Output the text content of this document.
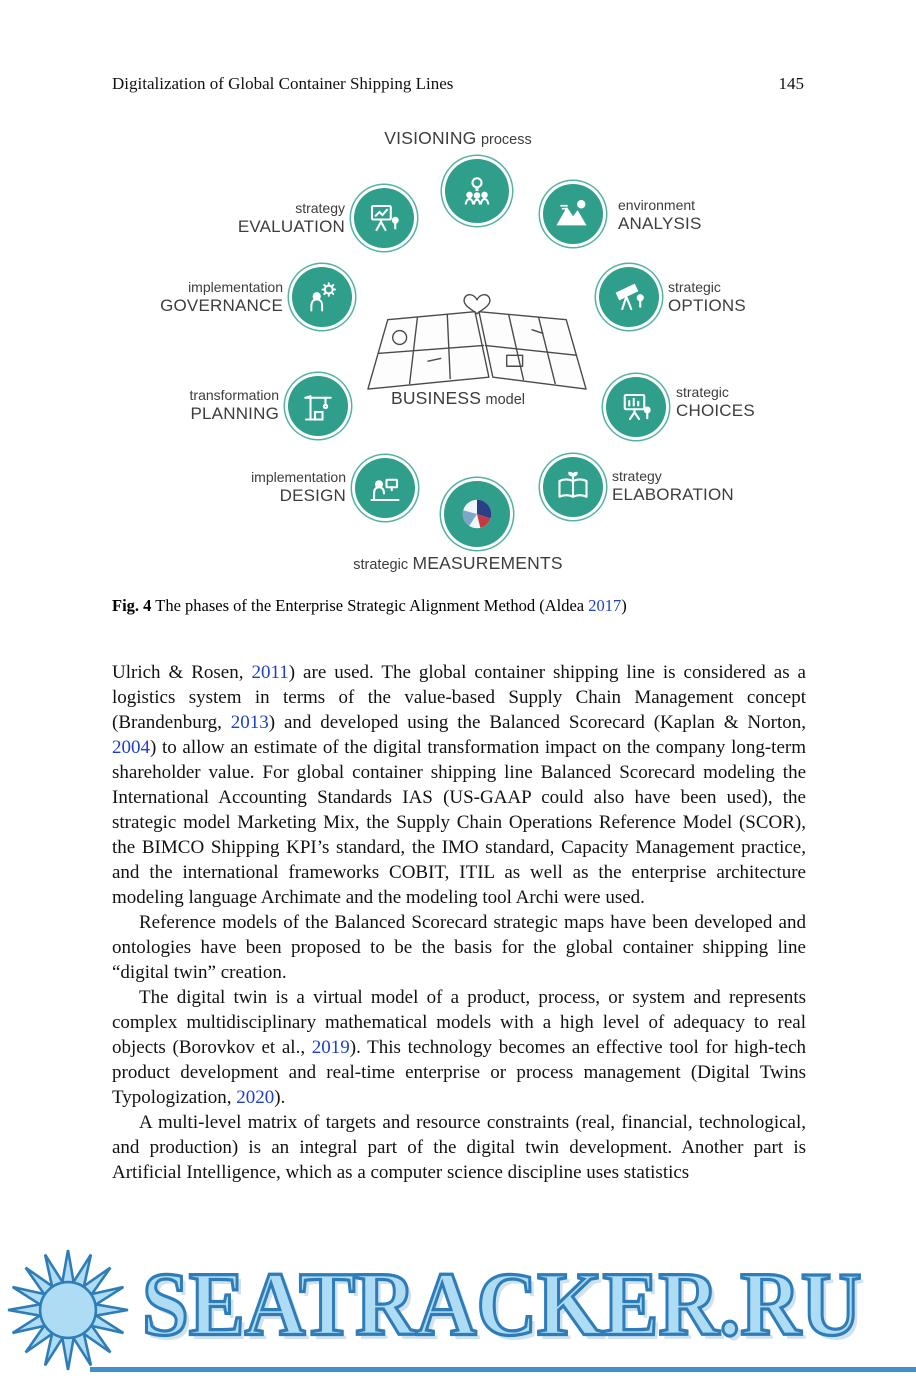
Digitalization of Global Container Shipping Lines	145
VISIONING process
BUSINESS model
strategic MEASUREMENTS
environment
ANALYSIS
strategic
OPTIONS
strategic
CHOICES
strategy
ELABORATION
implementation
DESIGN
transformation
PLANNING
implementation
GOVERNANCE
strategy
EVALUATION
Fig. 4 The phases of the Enterprise Strategic Alignment Method (Aldea 2017)

Ulrich & Rosen, 2011) are used. The global container shipping line is considered as a logistics system in terms of the value-based Supply Chain Management concept (Brandenburg, 2013) and developed using the Balanced Scorecard (Kaplan & Norton, 2004) to allow an estimate of the digital transformation impact on the company long-term shareholder value. For global container shipping line Balanced Scorecard modeling the International Accounting Standards IAS (US-GAAP could also have been used), the strategic model Marketing Mix, the Supply Chain Operations Reference Model (SCOR), the BIMCO Shipping KPI’s standard, the IMO standard, Capacity Management practice, and the international frameworks COBIT, ITIL as well as the enterprise architecture modeling language Archimate and the modeling tool Archi were used.

Reference models of the Balanced Scorecard strategic maps have been developed and ontologies have been proposed to be the basis for the global container shipping line “digital twin” creation.

The digital twin is a virtual model of a product, process, or system and represents complex multidisciplinary mathematical models with a high level of adequacy to real objects (Borovkov et al., 2019). This technology becomes an effective tool for high-tech product development and real-time enterprise or process management (Digital Twins Typologization, 2020).

A multi-level matrix of targets and resource constraints (real, financial, technological, and production) is an integral part of the digital twin development. Another part is Artificial Intelligence, which as a computer science discipline uses statistics

SEATRACKER.RU
